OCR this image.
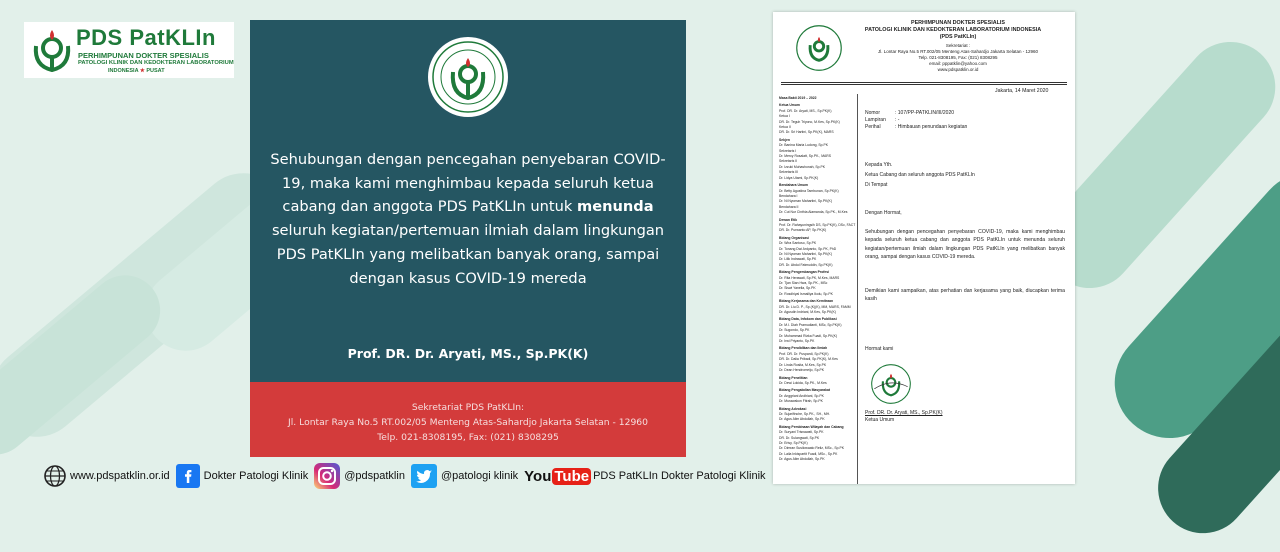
PDS PatKLIn
PERHIMPUNAN DOKTER SPESIALIS
PATOLOGI KLINIK DAN KEDOKTERAN LABORATORIUM
INDONESIA ★ PUSAT
Sehubungan dengan pencegahan penyebaran COVID-19, maka kami menghimbau kepada seluruh ketua cabang dan anggota PDS PatKLIn untuk menunda seluruh kegiatan/pertemuan ilmiah dalam lingkungan PDS PatKLIn yang melibatkan banyak orang, sampai dengan kasus COVID-19 mereda
Prof. DR. Dr. Aryati, MS., Sp.PK(K)
Sekretariat PDS PatKLIn:
Jl. Lontar Raya No.5 RT.002/05 Menteng Atas-Sahardjo Jakarta Selatan - 12960
Telp. 021-8308195, Fax: (021) 8308295
PERHIMPUNAN DOKTER SPESIALIS
PATOLOGI KLINIK DAN KEDOKTERAN LABORATORIUM INDONESIA
(PDS PatKLIn)
Sekretariat :
Jl. Lontar Raya No.5 RT.002/05 Menteng Atas-Sahardjo Jakarta Selatan - 12960
Telp. 021-8308195, Fax: (021) 8308295
email: pppatklin@yahoo.com
www.pdspatklin.or.id
Masa Bakti 2019 – 2022
Ketua Umum
Prof. DR. Dr. Aryati, MS., Sp.PK(K)
Ketua I
DR. Dr. Teguh Triyono, M.Kes, Sp.PK(K)
Ketua II
DR. Dr. Sri Hartini, Sp.PK(K), MARS
Sekjen
Dr. Banina Maria Ludong, Sp.PK
Sekretaris I
Dr. Mercy Rosalatt, Sp.PK., MARS
Sekretaris II
Dr. Izzuki Muhashonah, Sp.PK
Sekretaris III
Dr. Lidya Utami, Sp.PK(K)
Bendahara Umum
Dr. Betty Agustina Tambunan, Sp.PK(K)
Bendahara I
Dr. Ni Nyoman Mahartini, Sp.PK(K)
Bendahara II
Dr. Cut Nur Cinthia Alamanda, Sp.PK., M.Kes
Dewan Etik
Prof. Dr. Rahayuningsih DS, Sp.PK(K), DSc, FACT
DR. Dr. Purwanto AP, Sp.PK(K)
Bidang Organisasi
Dr. Wira Santoso, Sp.PK
Dr. Tonang Dwi Ardyanto, Sp.PK, PhD
Dr. Ni Nyoman Mahartini, Sp.PK(K)
Dr. Lilik Indrawati, Sp.PK
DR. Dr. Abdul Fatmuddin, Sp.PK(K)
Bidang Pengembangan Profesi
Dr. Rita Herawati, Sp.PK, M.Kes, MARS
Dr. Tjan Sian Hwa, Sp.PK., MSc
Dr. Siswi Yanella, Sp.PK
Dr. Rosdhiyal Ismailiya Ikolu, Sp.PK
Bidang Kerjasama dan Kemitraan
DR. Dr. Liu D. P., Sp.(K)(K), MM, MARS, FAMM
Dr. Agusdin Indriani, M.Kes, Sp.PK(K)
Bidang Data, Infokom dan Publikasi
Dr. M.I. Diah Pramudianti, MSc, Sp.PK(K)
Dr. Sugondo, Sp.PK
Dr. Muhammad Rizka Fuadi, Sp.PK(K)
Dr. Irwi Priyanto, Sp.PK
Bidang Pendidikan dan Ilmiah
Prof. DR. Dr. Puspardi, Sp.PK(K)
DR. Dr. Dalia Pribadi, Sp.PK(K), M.Kes
Dr. Linda Rosita, M.Kes, Sp.PK
Dr. Dean Hendromeijo, Sp.PK
Bidang Penelitian
Dr. Dewi Lokida, Sp.PK., M.Kes
Bidang Pengabdian Masyarakat
Dr. Anggriani Andhiani, Sp.PK
Dr. Murawakon Fitrah, Sp.PK
Bidang Advokasi
Dr. Sujarifinche, Sp.PK., SH., MH.
Dr. Agus Alim Abdullah, Sp.PK
Bidang Pembinaan Wilayah dan Cabang
Dr. Suryani Trisnawati, Sp.PK
DR. Dr. Sulangwati, Sp.PK
Dr. Erisy, Sp.PK(K)
Dr. Dimran Susilowaato Reliz, MSc., Sp.PK
Dr. Laila Inkispartit Fuadi, MSc., Sp.PK
Dr. Agus Alim Abdullah, Sp.PK
Jakarta, 14 Maret 2020
Nomor	: 107/PP-PATKLIN/III/2020
Lampiran : -
Perihal	: Himbauan penundaan kegiatan
Kepada Yth.
Ketua Cabang dan seluruh anggota PDS PatKLIn
Di Tempat
Dengan Hormat,
Sehubungan dengan pencegahan penyebaran COVID-19, maka kami menghimbau kepada seluruh ketua cabang dan anggota PDS PatKLIn untuk menunda seluruh kegiatan/pertemuan ilmiah dalam lingkungan PDS PatKLIn yang melibatkan banyak orang, sampai dengan kasus COVID-19 mereda.
Demikian kami sampaikan, atas perhatian dan kerjasama yang baik, diucapkan terima kasih
Hormat kami
Prof. DR. Dr. Aryati, MS., Sp.PK(K)
Ketua Umum
www.pdspatklin.or.id	Dokter Patologi Klinik	@pdspatklin	@patologi klinik You Tube PDS PatKLIn Dokter Patologi Klinik
